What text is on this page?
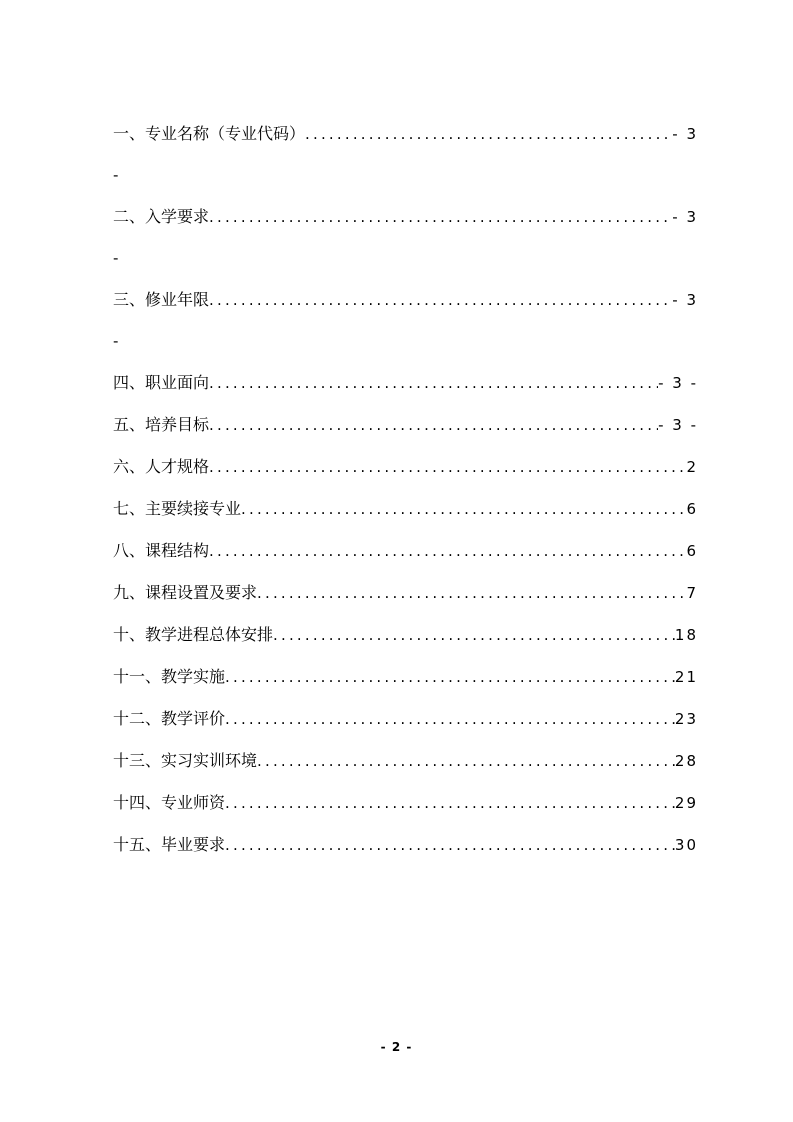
一、专业名称（专业代码） .....	- 3
-
二、入学要求 .....	- 3
-
三、修业年限 .....	- 3
-
四、职业面向 .....	- 3 -
五、培养目标 .....	- 3 -
六、人才规格 .....	2
七、主要续接专业 .....	6
八、课程结构 .....	6
九、课程设置及要求 .....	7
十、教学进程总体安排 .....	18
十一、教学实施 .....	21
十二、教学评价 .....	23
十三、实习实训环境 .....	28
十四、专业师资 .....	29
十五、毕业要求 .....	30
- 2 -
